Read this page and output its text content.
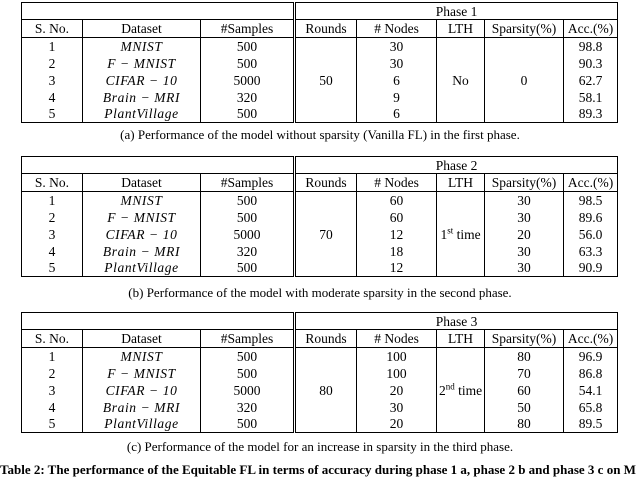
			Phase 1				
S. No.	Dataset	#Samples	Rounds	# Nodes	LTH	Sparsity(%)	Acc.(%)
1	MNIST	500	50	30	No	0	98.8
2	F − MNIST	500		30			90.3
3	CIFAR − 10	5000		6			62.7
4	Brain − MRI	320		9			58.1
5	PlantVillage	500		6			89.3
(a) Performance of the model without sparsity (Vanilla FL) in the first phase.
			Phase 2				
S. No.	Dataset	#Samples	Rounds	# Nodes	LTH	Sparsity(%)	Acc.(%)
1	MNIST	500	70	60	1st time	30	98.5
2	F − MNIST	500		60		30	89.6
3	CIFAR − 10	5000		12		20	56.0
4	Brain − MRI	320		18		30	63.3
5	PlantVillage	500		12		30	90.9
(b) Performance of the model with moderate sparsity in the second phase.
			Phase 3				
S. No.	Dataset	#Samples	Rounds	# Nodes	LTH	Sparsity(%)	Acc.(%)
1	MNIST	500	80	100	2nd time	80	96.9
2	F − MNIST	500		100		70	86.8
3	CIFAR − 10	5000		20		60	54.1
4	Brain − MRI	320		30		50	65.8
5	PlantVillage	500		20		80	89.5
(c) Performance of the model for an increase in sparsity in the third phase.
Table 2: The performance of the Equitable FL in terms of accuracy during phase 1 a, phase 2 b and phase 3 c on M
